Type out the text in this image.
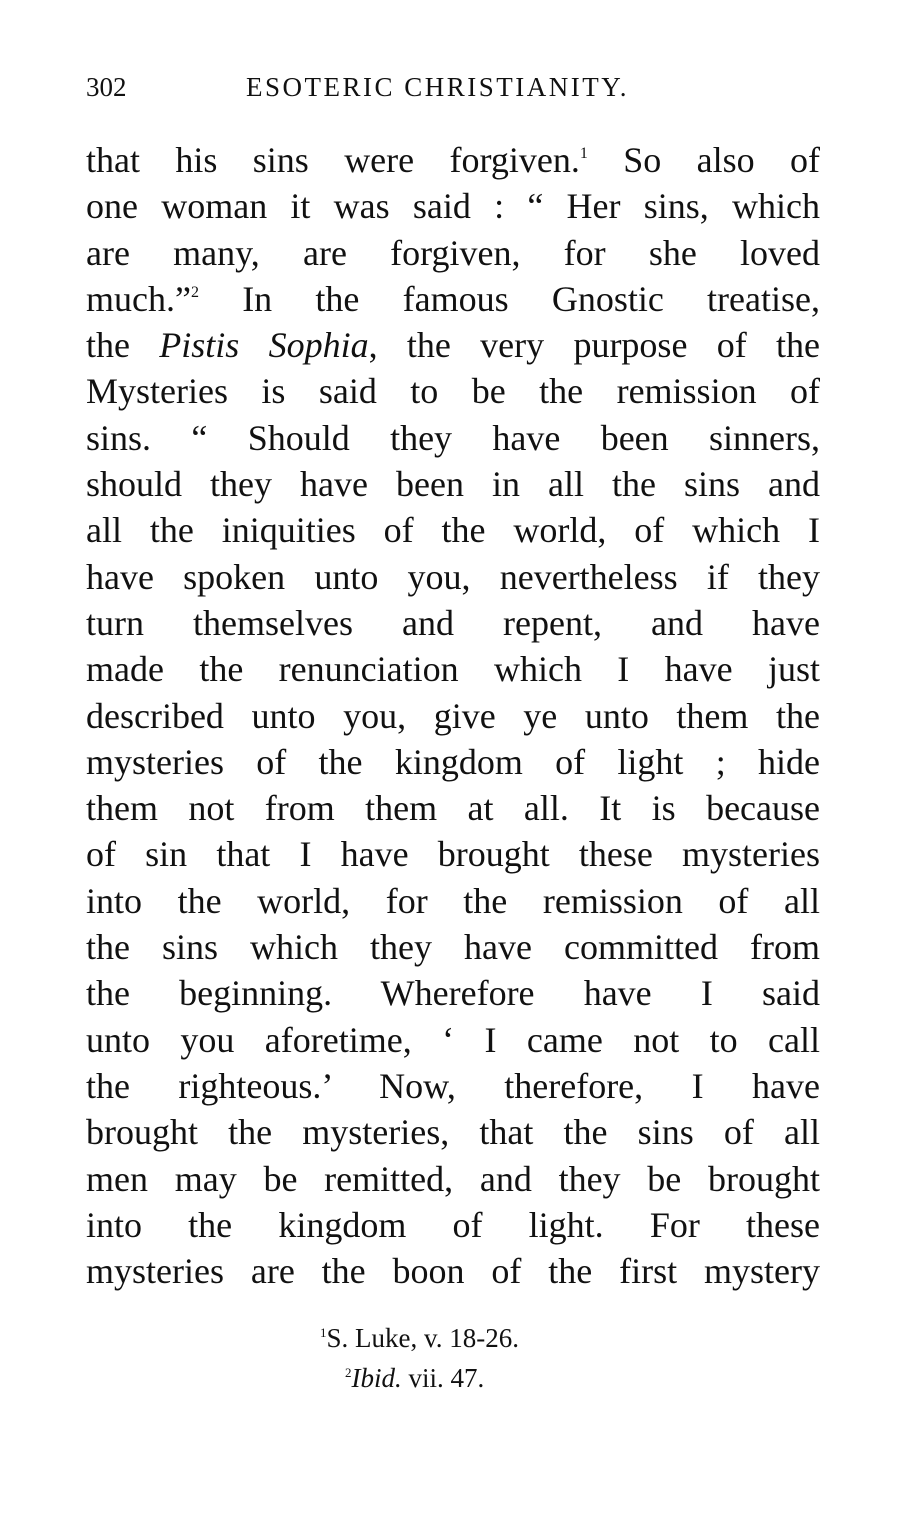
302	ESOTERIC CHRISTIANITY.
that his sins were forgiven.$^1$ So also of
one woman it was said : “ Her sins, which
are many, are forgiven, for she loved
much.”$^2$ In the famous Gnostic treatise,
the Pistis Sophia, the very purpose of the
Mysteries is said to be the remission of
sins. “ Should they have been sinners,
should they have been in all the sins and
all the iniquities of the world, of which I
have spoken unto you, nevertheless if they
turn themselves and repent, and have
made the renunciation which I have just
described unto you, give ye unto them the
mysteries of the kingdom of light ; hide
them not from them at all. It is because
of sin that I have brought these mysteries
into the world, for the remission of all
the sins which they have committed from
the beginning. Wherefore have I said
unto you aforetime, ‘ I came not to call
the righteous.’ Now, therefore, I have
brought the mysteries, that the sins of all
men may be remitted, and they be brought
into the kingdom of light. For these
mysteries are the boon of the first mystery
$^1$S. Luke, v. 18-26.
$^2$Ibid. vii. 47.
